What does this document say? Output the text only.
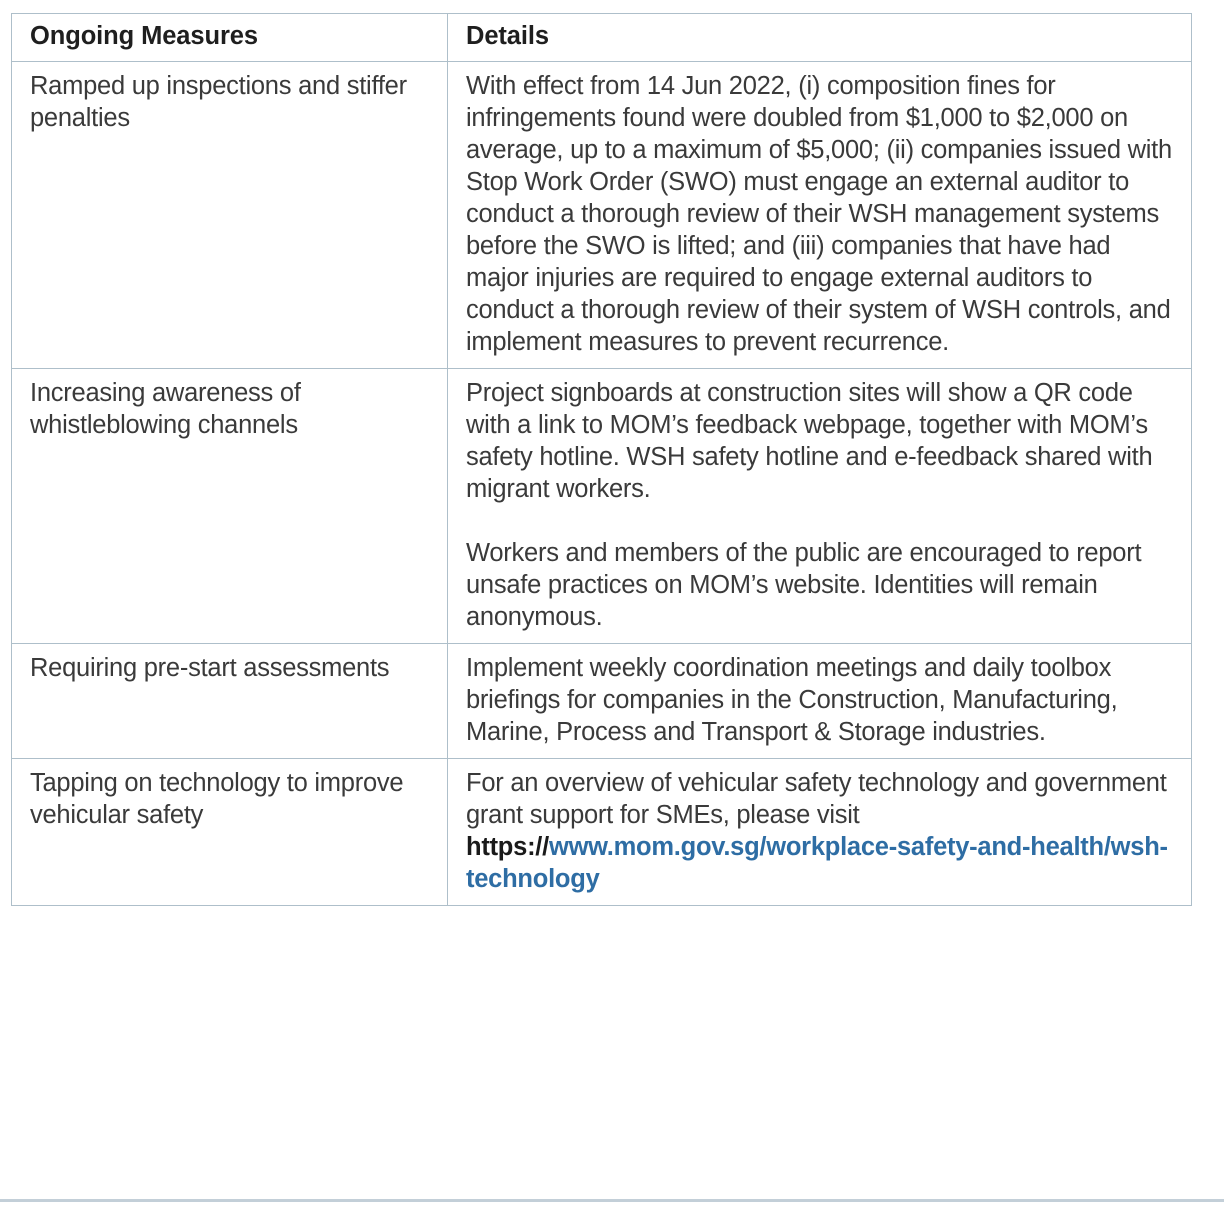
Ongoing Measures	Details
Ramped up inspections and stiffer penalties	With effect from 14 Jun 2022, (i) composition fines for infringements found were doubled from $1,000 to $2,000 on average, up to a maximum of $5,000; (ii) companies issued with Stop Work Order (SWO) must engage an external auditor to conduct a thorough review of their WSH management systems before the SWO is lifted; and (iii) companies that have had major injuries are required to engage external auditors to conduct a thorough review of their system of WSH controls, and implement measures to prevent recurrence.

Increasing awareness of whistleblowing channels	Project signboards at construction sites will show a QR code with a link to MOM’s feedback webpage, together with MOM’s safety hotline. WSH safety hotline and e-feedback shared with migrant workers.

Workers and members of the public are encouraged to report unsafe practices on MOM’s website. Identities will remain anonymous.

Requiring pre-start assessments	Implement weekly coordination meetings and daily toolbox briefings for companies in the Construction, Manufacturing, Marine, Process and Transport & Storage industries.

Tapping on technology to improve vehicular safety	For an overview of vehicular safety technology and government grant support for SMEs, please visit https://www.mom.gov.sg/workplace-safety-and-health/wsh-technology
